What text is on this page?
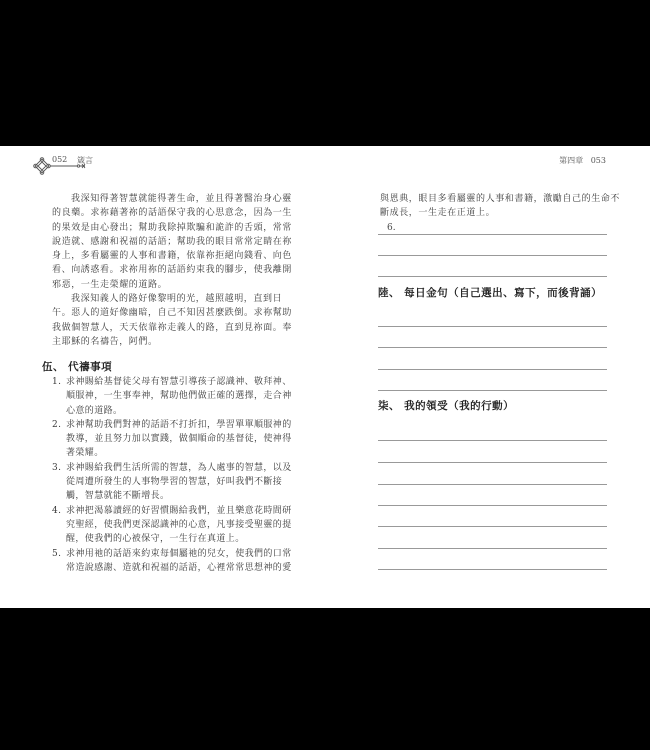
052 箴言

我深知得著智慧就能得著生命，並且得著醫治身心靈的良藥。求祢藉著祢的話語保守我的心思意念，因為一生的果效是由心發出；幫助我除掉欺騙和詭詐的舌頭，常常說造就、感謝和祝福的話語；幫助我的眼目常常定睛在祢身上，多看屬靈的人事和書籍，依靠祢拒絕向錢看、向色看、向誘惑看。求祢用祢的話語約束我的腳步，使我離開邪惡，一生走榮耀的道路。

我深知義人的路好像黎明的光，越照越明，直到日午。惡人的道好像幽暗，自己不知因甚麼跌倒。求祢幫助我做個智慧人，天天依靠祢走義人的路，直到見祢面。奉主耶穌的名禱告，阿們。

伍、 代禱事項
1. 求神賜給基督徒父母有智慧引導孩子認識神、敬拜神、順服神，一生事奉神，幫助他們做正確的選擇，走合神心意的道路。
2. 求神幫助我們對神的話語不打折扣，學習單單順服神的教導，並且努力加以實踐，做個順命的基督徒，使神得著榮耀。
3. 求神賜給我們生活所需的智慧，為人處事的智慧，以及從周遭所發生的人事物學習的智慧，好叫我們不斷接觸，智慧就能不斷增長。
4. 求神把渴慕讀經的好習慣賜給我們，並且樂意花時間研究聖經，使我們更深認識神的心意，凡事接受聖靈的提醒，使我們的心被保守，一生行在真道上。
5. 求神用祂的話語來約束每個屬祂的兒女，使我們的口常常造說感謝、造就和祝福的話語，心裡常常思想神的愛
第四章 053
與恩典，眼目多看屬靈的人事和書籍，激勵自己的生命不斷成長，一生走在正道上。
6.
陸、 每日金句（自己選出、寫下，而後背誦）
柒、 我的領受（我的行動）
